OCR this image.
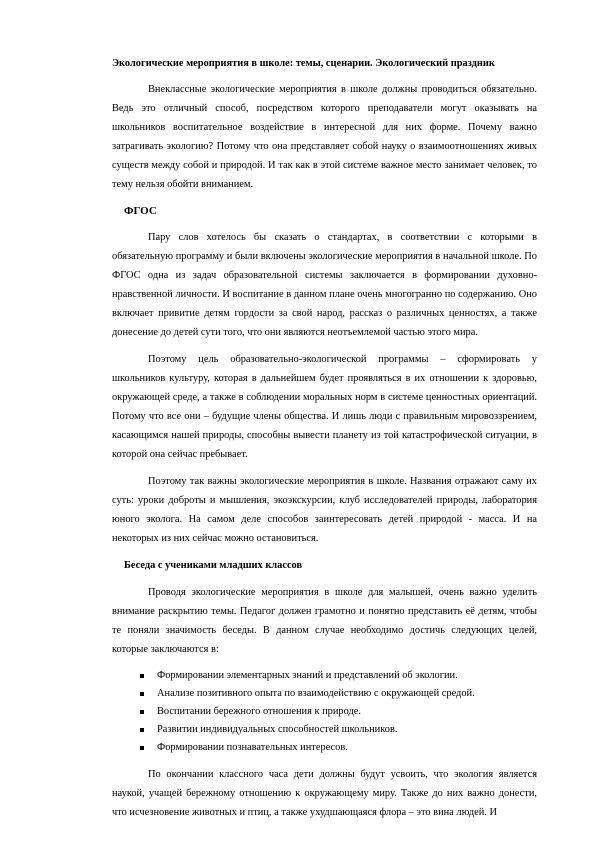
Экологические мероприятия в школе: темы, сценарии. Экологический праздник

Внеклассные экологические мероприятия в школе должны проводиться обязательно. Ведь это отличный способ, посредством которого преподаватели могут оказывать на школьников воспитательное воздействие в интересной для них форме. Почему важно затрагивать экологию? Потому что она представляет собой науку о взаимоотношениях живых существ между собой и природой. И так как в этой системе важное место занимает человек, то тему нельзя обойти вниманием.

ФГОС

Пару слов хотелось бы сказать о стандартах, в соответствии с которыми в обязательную программу и были включены экологические мероприятия в начальной школе. По ФГОС одна из задач образовательной системы заключается в формировании духовно-нравственной личности. И воспитание в данном плане очень многогранно по содержанию. Оно включает привитие детям гордости за свой народ, рассказ о различных ценностях, а также донесение до детей сути того, что они являются неотъемлемой частью этого мира.

Поэтому цель образовательно-экологической программы – сформировать у школьников культуру, которая в дальнейшем будет проявляться в их отношении к здоровью, окружающей среде, а также в соблюдении моральных норм в системе ценностных ориентаций. Потому что все они – будущие члены общества. И лишь люди с правильным мировоззрением, касающимся нашей природы, способны вывести планету из той катастрофической ситуации, в которой она сейчас пребывает.

Поэтому так важны экологические мероприятия в школе. Названия отражают саму их суть: уроки доброты и мышления, экоэкскурсии, клуб исследователей природы, лаборатория юного эколога. На самом деле способов заинтересовать детей природой - масса. И на некоторых из них сейчас можно остановиться.

Беседа с учениками младших классов

Проводя экологические мероприятия в школе для малышей, очень важно уделить внимание раскрытию темы. Педагог должен грамотно и понятно представить её детям, чтобы те поняли значимость беседы. В данном случае необходимо достичь следующих целей, которые заключаются в:

Формировании элементарных знаний и представлений об экологии.
Анализе позитивного опыта по взаимодействию с окружающей средой.
Воспитании бережного отношения к природе.
Развитии индивидуальных способностей школьников.
Формировании познавательных интересов.

По окончании классного часа дети должны будут усвоить, что экология является наукой, учащей бережному отношению к окружающему миру. Также до них важно донести, что исчезновение животных и птиц, а также ухудшающаяся флора – это вина людей. И
